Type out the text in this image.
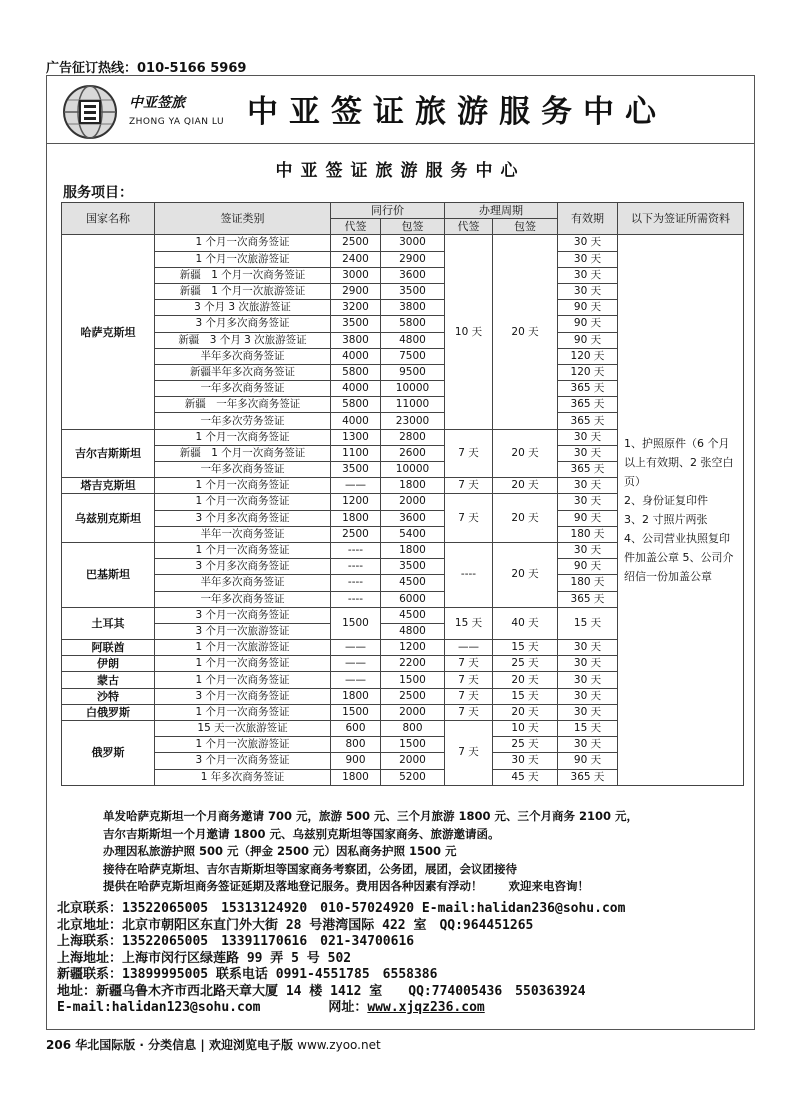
广告征订热线：010-5166 5969
中亚签旅
ZHONG YA QIAN LU 中亚签证旅游服务中心
中亚签证旅游服务中心
服务项目：
国家名称	签证类别	同行价		办理周期		有效期	以下为签证所需资料
		代签	包签	代签	包签		
哈萨克斯坦	1 个月一次商务签证	2500	3000	10 天	20 天	30 天	1、护照原件（6 个月以上有效期、2 张空白页）
2、身份证复印件
3、2 寸照片两张
4、公司营业执照复印件加盖公章 5、公司介绍信一份加盖公章
	1 个月一次旅游签证	2400	2900			30 天	
	新疆　1 个月一次商务签证	3000	3600			30 天	
	新疆　1 个月一次旅游签证	2900	3500			30 天	
	3 个月 3 次旅游签证	3200	3800			90 天	
	3 个月多次商务签证	3500	5800			90 天	
	新疆　3 个月 3 次旅游签证	3800	4800			90 天	
	半年多次商务签证	4000	7500			120 天	
	新疆半年多次商务签证	5800	9500			120 天	
	一年多次商务签证	4000	10000			365 天	
	新疆　一年多次商务签证	5800	11000			365 天	
	一年多次劳务签证	4000	23000			365 天	
吉尔吉斯斯坦	1 个月一次商务签证	1300	2800	7 天	20 天	30 天	
	新疆　1 个月一次商务签证	1100	2600			30 天	
	一年多次商务签证	3500	10000			365 天	
塔吉克斯坦	1 个月一次商务签证	——	1800	7 天	20 天	30 天	
乌兹别克斯坦	1 个月一次商务签证	1200	2000	7 天	20 天	30 天	
	3 个月多次商务签证	1800	3600			90 天	
	半年一次商务签证	2500	5400			180 天	
巴基斯坦	1 个月一次商务签证	----	1800	----	20 天	30 天	
	3 个月多次商务签证	----	3500			90 天	
	半年多次商务签证	----	4500			180 天	
	一年多次商务签证	----	6000			365 天	
土耳其	3 个月一次商务签证	1500	4500	15 天	40 天	15 天	
	3 个月一次旅游签证		4800				
阿联酋	1 个月一次旅游签证	——	1200	——	15 天	30 天	
伊朗	1 个月一次商务签证	——	2200	7 天	25 天	30 天	
蒙古	1 个月一次商务签证	——	1500	7 天	20 天	30 天	
沙特	3 个月一次商务签证	1800	2500	7 天	15 天	30 天	
白俄罗斯	1 个月一次商务签证	1500	2000	7 天	20 天	30 天	
俄罗斯	15 天一次旅游签证	600	800	7 天	10 天	15 天	
	1 个月一次旅游签证	800	1500		25 天	30 天	
	3 个月一次商务签证	900	2000		30 天	90 天	
	1 年多次商务签证	1800	5200		45 天	365 天	
单发哈萨克斯坦一个月商务邀请 700 元，旅游 500 元、三个月旅游 1800 元、三个月商务 2100 元，
吉尔吉斯斯坦一个月邀请 1800 元、乌兹别克斯坦等国家商务、旅游邀请函。
办理因私旅游护照 500 元（押金 2500 元）因私商务护照 1500 元
接待在哈萨克斯坦、吉尔吉斯斯坦等国家商务考察团，公务团，展团，会议团接待
提供在哈萨克斯坦商务签证延期及落地登记服务。费用因各种因素有浮动！ 欢迎来电咨询！
北京联系：13522065005　15313124920　010-57024920 E-mail:halidan236@sohu.com
北京地址：北京市朝阳区东直门外大街 28 号港湾国际 422 室　QQ:964451265
上海联系：13522065005　13391170616　021-34700616
上海地址：上海市闵行区绿莲路 99 弄 5 号 502
新疆联系：13899995005 联系电话 0991-4551785　6558386
地址：新疆乌鲁木齐市西北路天章大厦 14 楼 1412 室　　QQ:774005436　550363924
E-mail:halidan123@sohu.com	网址：www.xjqz236.com
206 华北国际版 · 分类信息 | 欢迎浏览电子版 www.zyoo.net
